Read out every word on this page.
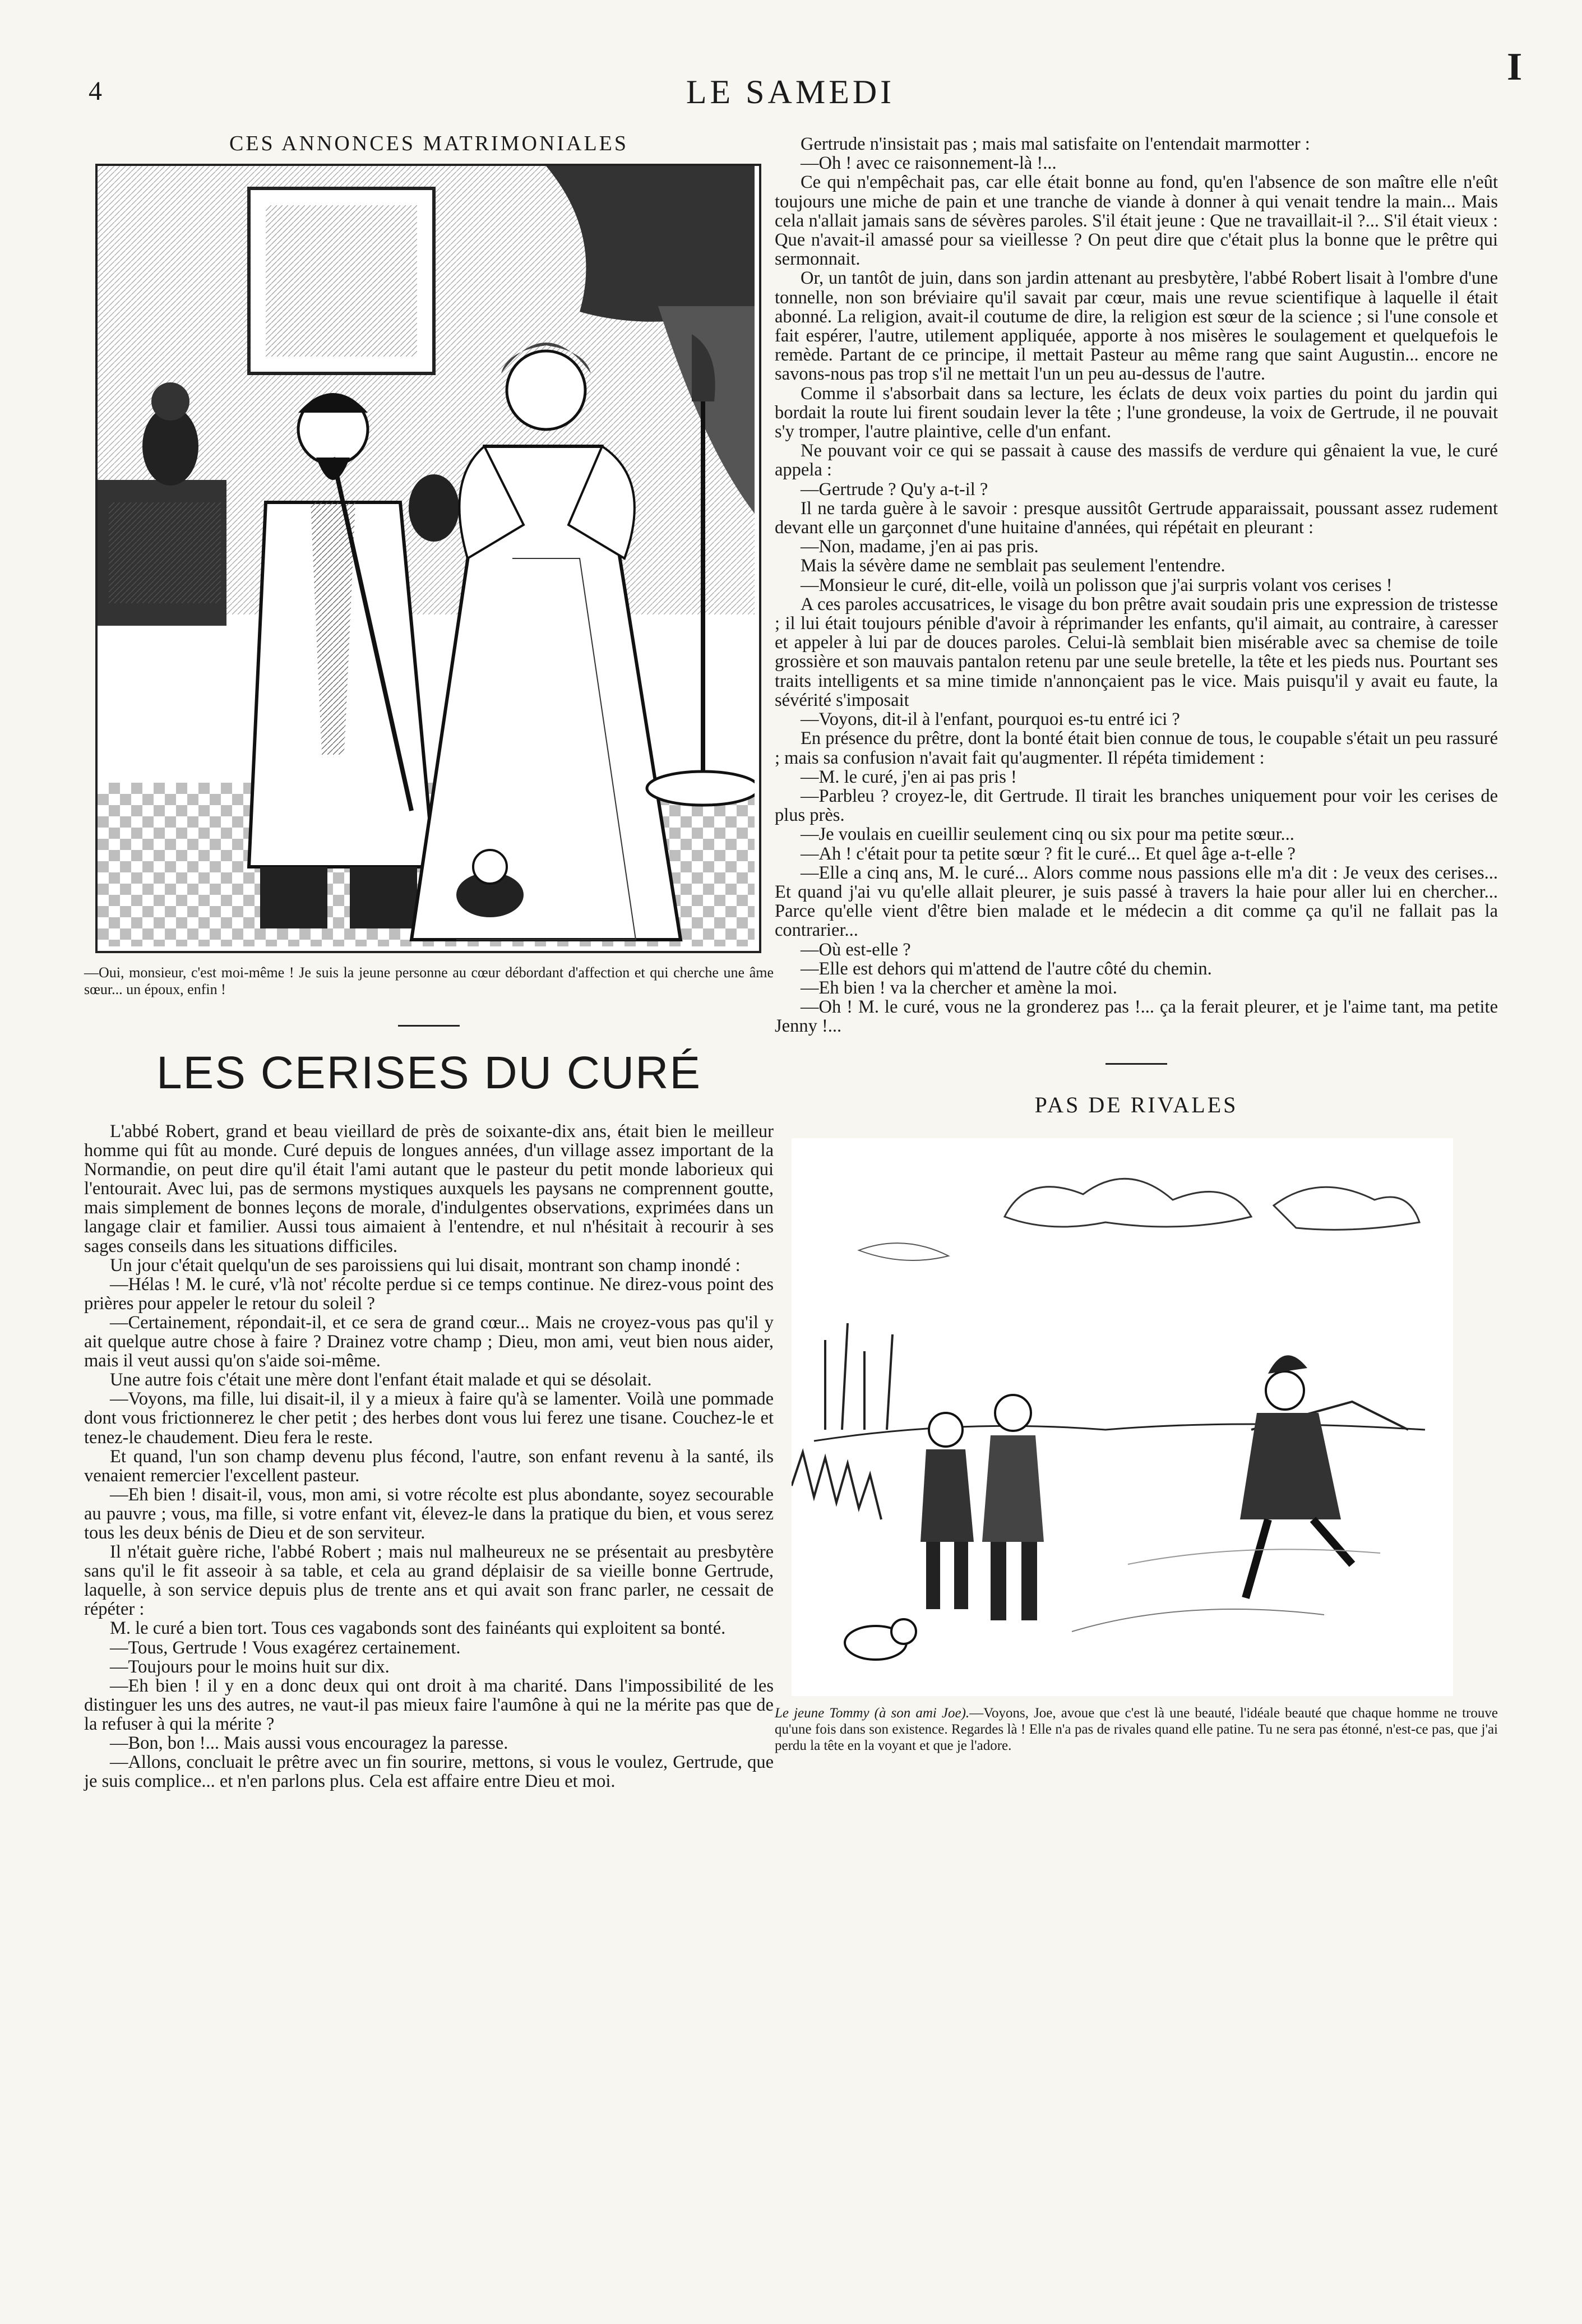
4	LE SAMEDI
I
CES ANNONCES MATRIMONIALES
—Oui, monsieur, c'est moi-même ! Je suis la jeune personne au cœur débordant d'affection et qui cherche une âme sœur... un époux, enfin !
LES CERISES DU CURÉ

L'abbé Robert, grand et beau vieillard de près de soixante-dix ans, était bien le meilleur homme qui fût au monde. Curé depuis de longues années, d'un village assez important de la Normandie, on peut dire qu'il était l'ami autant que le pasteur du petit monde laborieux qui l'entourait. Avec lui, pas de sermons mystiques auxquels les paysans ne comprennent goutte, mais simplement de bonnes leçons de morale, d'indulgentes observations, exprimées dans un langage clair et familier. Aussi tous aimaient à l'entendre, et nul n'hésitait à recourir à ses sages conseils dans les situations difficiles.

Un jour c'était quelqu'un de ses paroissiens qui lui disait, montrant son champ inondé :

—Hélas ! M. le curé, v'là not' récolte perdue si ce temps continue. Ne direz-vous point des prières pour appeler le retour du soleil ?

—Certainement, répondait-il, et ce sera de grand cœur... Mais ne croyez-vous pas qu'il y ait quelque autre chose à faire ? Drainez votre champ ; Dieu, mon ami, veut bien nous aider, mais il veut aussi qu'on s'aide soi-même.

Une autre fois c'était une mère dont l'enfant était malade et qui se désolait.

—Voyons, ma fille, lui disait-il, il y a mieux à faire qu'à se lamenter. Voilà une pommade dont vous frictionnerez le cher petit ; des herbes dont vous lui ferez une tisane. Couchez-le et tenez-le chaudement. Dieu fera le reste.

Et quand, l'un son champ devenu plus fécond, l'autre, son enfant revenu à la santé, ils venaient remercier l'excellent pasteur.

—Eh bien ! disait-il, vous, mon ami, si votre récolte est plus abondante, soyez secourable au pauvre ; vous, ma fille, si votre enfant vit, élevez-le dans la pratique du bien, et vous serez tous les deux bénis de Dieu et de son serviteur.

Il n'était guère riche, l'abbé Robert ; mais nul malheureux ne se présentait au presbytère sans qu'il le fit asseoir à sa table, et cela au grand déplaisir de sa vieille bonne Gertrude, laquelle, à son service depuis plus de trente ans et qui avait son franc parler, ne cessait de répéter :

M. le curé a bien tort. Tous ces vagabonds sont des fainéants qui exploitent sa bonté.

—Tous, Gertrude ! Vous exagérez certainement.

—Toujours pour le moins huit sur dix.

—Eh bien ! il y en a donc deux qui ont droit à ma charité. Dans l'impossibilité de les distinguer les uns des autres, ne vaut-il pas mieux faire l'aumône à qui ne la mérite pas que de la refuser à qui la mérite ?

—Bon, bon !... Mais aussi vous encouragez la paresse.

—Allons, concluait le prêtre avec un fin sourire, mettons, si vous le voulez, Gertrude, que je suis complice... et n'en parlons plus. Cela est affaire entre Dieu et moi.

Gertrude n'insistait pas ; mais mal satisfaite on l'entendait marmotter :

—Oh ! avec ce raisonnement-là !...

Ce qui n'empêchait pas, car elle était bonne au fond, qu'en l'absence de son maître elle n'eût toujours une miche de pain et une tranche de viande à donner à qui venait tendre la main... Mais cela n'allait jamais sans de sévères paroles. S'il était jeune : Que ne travaillait-il ?... S'il était vieux : Que n'avait-il amassé pour sa vieillesse ? On peut dire que c'était plus la bonne que le prêtre qui sermonnait.

Or, un tantôt de juin, dans son jardin attenant au presbytère, l'abbé Robert lisait à l'ombre d'une tonnelle, non son bréviaire qu'il savait par cœur, mais une revue scientifique à laquelle il était abonné. La religion, avait-il coutume de dire, la religion est sœur de la science ; si l'une console et fait espérer, l'autre, utilement appliquée, apporte à nos misères le soulagement et quelquefois le remède. Partant de ce principe, il mettait Pasteur au même rang que saint Augustin... encore ne savons-nous pas trop s'il ne mettait l'un un peu au-dessus de l'autre.

Comme il s'absorbait dans sa lecture, les éclats de deux voix parties du point du jardin qui bordait la route lui firent soudain lever la tête ; l'une grondeuse, la voix de Gertrude, il ne pouvait s'y tromper, l'autre plaintive, celle d'un enfant.

Ne pouvant voir ce qui se passait à cause des massifs de verdure qui gênaient la vue, le curé appela :

—Gertrude ? Qu'y a-t-il ?

Il ne tarda guère à le savoir : presque aussitôt Gertrude apparaissait, poussant assez rudement devant elle un garçonnet d'une huitaine d'années, qui répétait en pleurant :

—Non, madame, j'en ai pas pris.

Mais la sévère dame ne semblait pas seulement l'entendre.

—Monsieur le curé, dit-elle, voilà un polisson que j'ai surpris volant vos cerises !

A ces paroles accusatrices, le visage du bon prêtre avait soudain pris une expression de tristesse ; il lui était toujours pénible d'avoir à réprimander les enfants, qu'il aimait, au contraire, à caresser et appeler à lui par de douces paroles. Celui-là semblait bien misérable avec sa chemise de toile grossière et son mauvais pantalon retenu par une seule bretelle, la tête et les pieds nus. Pourtant ses traits intelligents et sa mine timide n'annonçaient pas le vice. Mais puisqu'il y avait eu faute, la sévérité s'imposait

—Voyons, dit-il à l'enfant, pourquoi es-tu entré ici ?

En présence du prêtre, dont la bonté était bien connue de tous, le coupable s'était un peu rassuré ; mais sa confusion n'avait fait qu'augmenter. Il répéta timidement :

—M. le curé, j'en ai pas pris !

—Parbleu ? croyez-le, dit Gertrude. Il tirait les branches uniquement pour voir les cerises de plus près.

—Je voulais en cueillir seulement cinq ou six pour ma petite sœur...

—Ah ! c'était pour ta petite sœur ? fit le curé... Et quel âge a-t-elle ?

—Elle a cinq ans, M. le curé... Alors comme nous passions elle m'a dit : Je veux des cerises... Et quand j'ai vu qu'elle allait pleurer, je suis passé à travers la haie pour aller lui en chercher... Parce qu'elle vient d'être bien malade et le médecin a dit comme ça qu'il ne fallait pas la contrarier...

—Où est-elle ?

—Elle est dehors qui m'attend de l'autre côté du chemin.

—Eh bien ! va la chercher et amène la moi.

—Oh ! M. le curé, vous ne la gronderez pas !... ça la ferait pleurer, et je l'aime tant, ma petite Jenny !...

PAS DE RIVALES
Le jeune Tommy (à son ami Joe).—Voyons, Joe, avoue que c'est là une beauté, l'idéale beauté que chaque homme ne trouve qu'une fois dans son existence. Regardes là ! Elle n'a pas de rivales quand elle patine. Tu ne sera pas étonné, n'est-ce pas, que j'ai perdu la tête en la voyant et que je l'adore.
